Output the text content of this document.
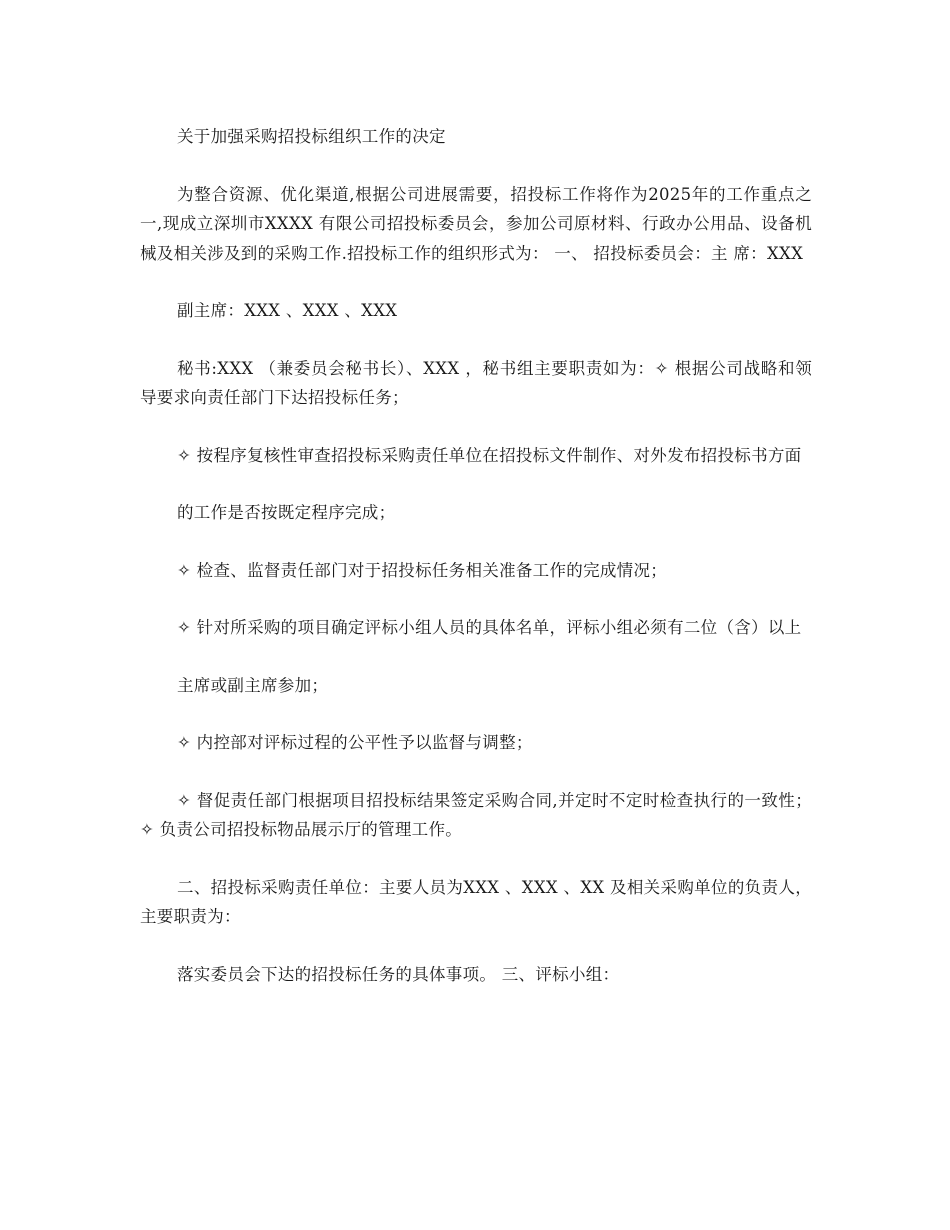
关于加强采购招投标组织工作的决定

为整合资源、优化渠道,根据公司进展需要，招投标工作将作为2025年的工作重点之一,现成立深圳市XXXX 有限公司招投标委员会，参加公司原材料、行政办公用品、设备机械及相关涉及到的采购工作.招投标工作的组织形式为： 一、 招投标委员会：主 席：XXX

副主席：XXX 、XXX 、XXX

秘书:XXX （兼委员会秘书长）、XXX ，秘书组主要职责如为：✧ 根据公司战略和领导要求向责任部门下达招投标任务；

✧ 按程序复核性审查招投标采购责任单位在招投标文件制作、对外发布招投标书方面

的工作是否按既定程序完成；

✧ 检查、监督责任部门对于招投标任务相关准备工作的完成情况；

✧ 针对所采购的项目确定评标小组人员的具体名单，评标小组必须有二位（含）以上

主席或副主席参加；

✧ 内控部对评标过程的公平性予以监督与调整；

✧ 督促责任部门根据项目招投标结果签定采购合同,并定时不定时检查执行的一致性； ✧ 负责公司招投标物品展示厅的管理工作。

二、招投标采购责任单位：主要人员为XXX 、XXX 、XX 及相关采购单位的负责人，主要职责为：

落实委员会下达的招投标任务的具体事项。 三、评标小组：
